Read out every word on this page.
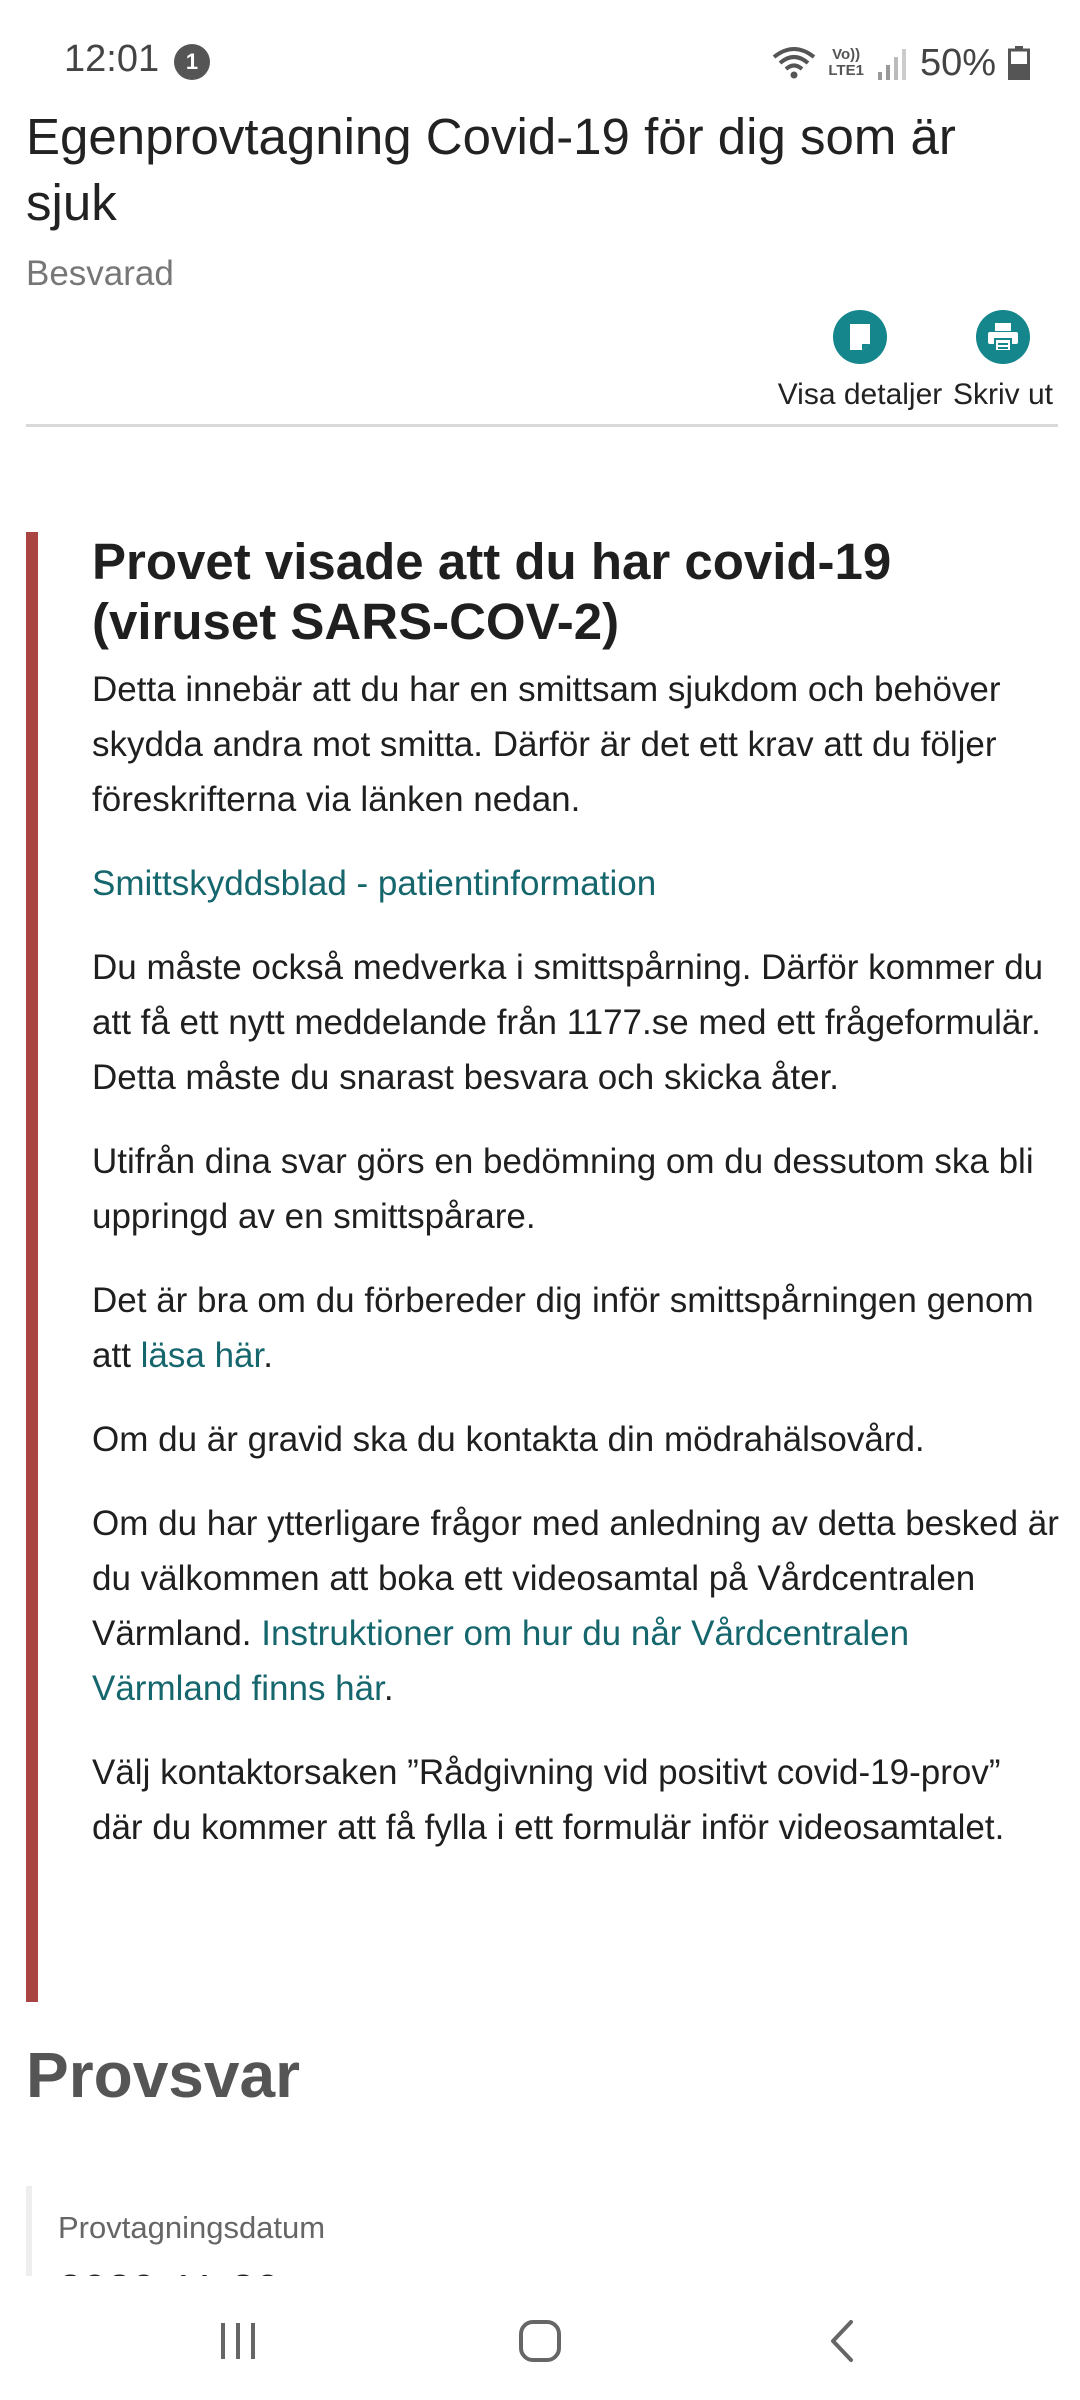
12:01	1	Vo))
LTE1 50%
Egenprovtagning Covid-19 för dig som är sjuk
Besvarad
Visa detaljer Skriv ut
Provet visade att du har covid-19 (viruset SARS-COV-2)

Detta innebär att du har en smittsam sjukdom och behöver skydda andra mot smitta. Därför är det ett krav att du följer föreskrifterna via länken nedan.

Smittskyddsblad - patientinformation

Du måste också medverka i smittspårning. Därför kommer du att få ett nytt meddelande från 1177.se med ett frågeformulär. Detta måste du snarast besvara och skicka åter.

Utifrån dina svar görs en bedömning om du dessutom ska bli uppringd av en smittspårare.

Det är bra om du förbereder dig inför smittspårningen genom att läsa här.

Om du är gravid ska du kontakta din mödrahälsovård.

Om du har ytterligare frågor med anledning av detta besked är du välkommen att boka ett videosamtal på Vårdcentralen Värmland. Instruktioner om hur du når Vårdcentralen Värmland finns här.

Välj kontaktorsaken ”Rådgivning vid positivt covid-19-prov” där du kommer att få fylla i ett formulär inför videosamtalet.

Provsvar
Provtagningsdatum
